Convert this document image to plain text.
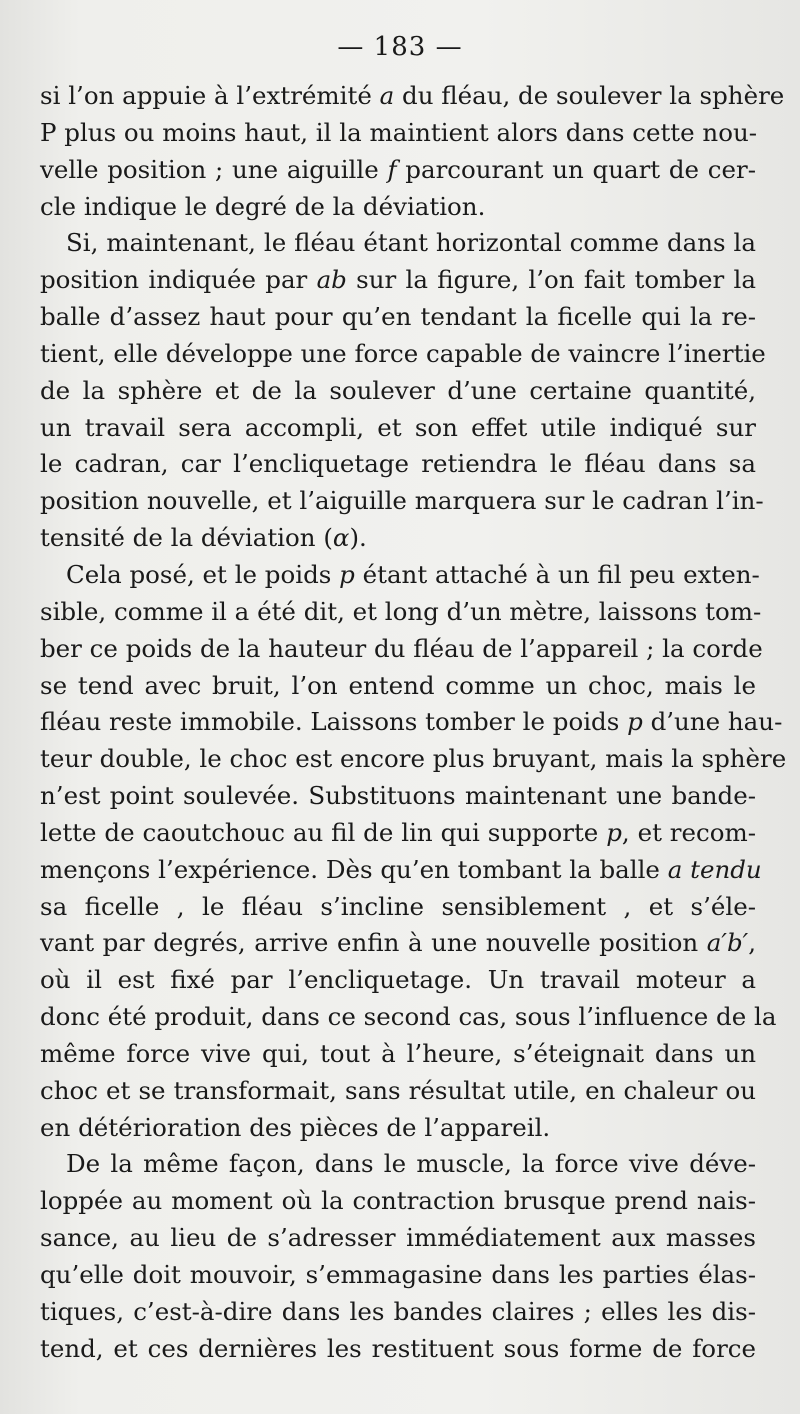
— 183 —
si l’on appuie à l’extrémité a du fléau, de soulever la sphère
P plus ou moins haut, il la maintient alors dans cette nou-
velle position ; une aiguille f parcourant un quart de cer-
cle indique le degré de la déviation.
Si, maintenant, le fléau étant horizontal comme dans la
position indiquée par ab sur la figure, l’on fait tomber la
balle d’assez haut pour qu’en tendant la ficelle qui la re-
tient, elle développe une force capable de vaincre l’inertie
de la sphère et de la soulever d’une certaine quantité,
un travail sera accompli, et son effet utile indiqué sur
le cadran, car l’encliquetage retiendra le fléau dans sa
position nouvelle, et l’aiguille marquera sur le cadran l’in-
tensité de la déviation (α).
Cela posé, et le poids p étant attaché à un fil peu exten-
sible, comme il a été dit, et long d’un mètre, laissons tom-
ber ce poids de la hauteur du fléau de l’appareil ; la corde
se tend avec bruit, l’on entend comme un choc, mais le
fléau reste immobile. Laissons tomber le poids p d’une hau-
teur double, le choc est encore plus bruyant, mais la sphère
n’est point soulevée. Substituons maintenant une bande-
lette de caoutchouc au fil de lin qui supporte p, et recom-
mençons l’expérience. Dès qu’en tombant la balle a tendu
sa ficelle , le fléau s’incline sensiblement , et s’éle-
vant par degrés, arrive enfin à une nouvelle position a′b′,
où il est fixé par l’encliquetage. Un travail moteur a
donc été produit, dans ce second cas, sous l’influence de la
même force vive qui, tout à l’heure, s’éteignait dans un
choc et se transformait, sans résultat utile, en chaleur ou
en détérioration des pièces de l’appareil.
De la même façon, dans le muscle, la force vive déve-
loppée au moment où la contraction brusque prend nais-
sance, au lieu de s’adresser immédiatement aux masses
qu’elle doit mouvoir, s’emmagasine dans les parties élas-
tiques, c’est-à-dire dans les bandes claires ; elles les dis-
tend, et ces dernières les restituent sous forme de force
